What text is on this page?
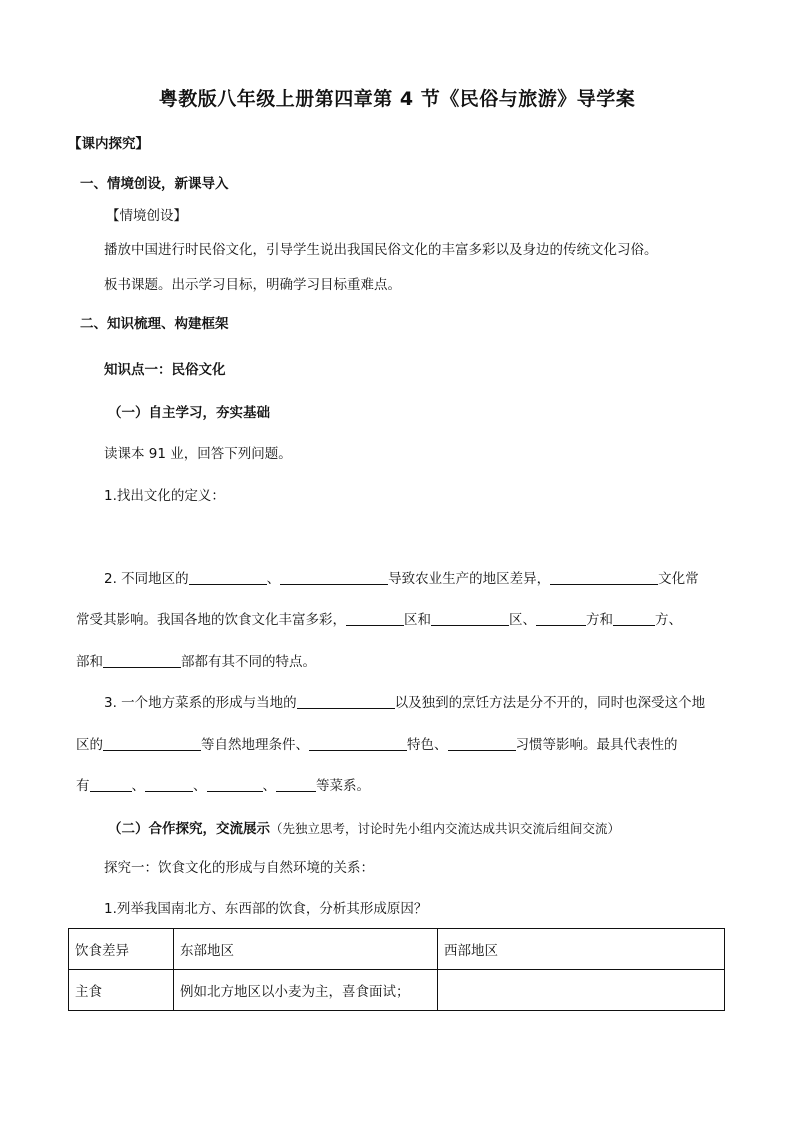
粤教版八年级上册第四章第 4 节《民俗与旅游》导学案
【课内探究】
一、情境创设，新课导入
【情境创设】
播放中国进行时民俗文化，引导学生说出我国民俗文化的丰富多彩以及身边的传统文化习俗。
板书课题。出示学习目标，明确学习目标重难点。
二、知识梳理、构建框架
知识点一：民俗文化
（一）自主学习，夯实基础
读课本 91 业，回答下列问题。
1.找出文化的定义：
2. 不同地区的	、	导致农业生产的地区差异，	文化常
常受其影响。我国各地的饮食文化丰富多彩，	区和	区、	方和	方、
部和	部都有其不同的特点。
3. 一个地方菜系的形成与当地的	以及独到的烹饪方法是分不开的，同时也深受这个地
区的	等自然地理条件、	特色、	习惯等影响。最具代表性的
有	、	、	、	等菜系。
（二）合作探究，交流展示（先独立思考，讨论时先小组内交流达成共识交流后组间交流）
探究一：饮食文化的形成与自然环境的关系：
1.列举我国南北方、东西部的饮食，分析其形成原因？
饮食差异	东部地区	西部地区
主食	例如北方地区以小麦为主，喜食面试；	
